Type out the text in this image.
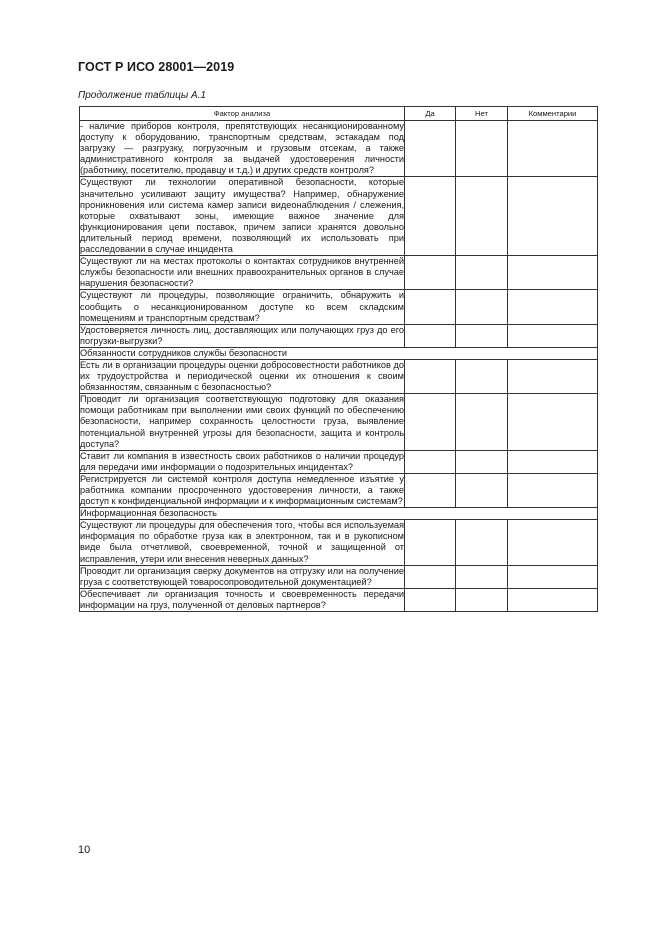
ГОСТ Р ИСО 28001—2019
Продолжение таблицы А.1
Фактор анализа	Да	Нет	Комментарии
- наличие приборов контроля, препятствующих несанкционированному доступу к оборудованию, транспортным средствам, эстакадам под загрузку — разгрузку, погрузочным и грузовым отсекам, а также административного контроля за выдачей удостоверения личности (работнику, посетителю, продавцу и т.д.) и других средств контроля?			
Существуют ли технологии оперативной безопасности, которые значительно усиливают защиту имущества? Например, обнаружение проникновения или система камер записи видеонаблюдения / слежения, которые охватывают зоны, имеющие важное значение для функционирования цепи поставок, причем записи хранятся довольно длительный период времени, позволяющий их использовать при расследовании в случае инцидента			
Существуют ли на местах протоколы о контактах сотрудников внутренней службы безопасности или внешних правоохранительных органов в случае нарушения безопасности?			
Существуют ли процедуры, позволяющие ограничить, обнаружить и сообщить о несанкционированном доступе ко всем складским помещениям и транспортным средствам?			
Удостоверяется личность лиц, доставляющих или получающих груз до его погрузки-выгрузки?			
Обязанности сотрудников службы безопасности			
Есть ли в организации процедуры оценки добросовестности работников до их трудоустройства и периодической оценки их отношения к своим обязанностям, связанным с безопасностью?			
Проводит ли организация соответствующую подготовку для оказания помощи работникам при выполнении ими своих функций по обеспечению безопасности, например сохранность целостности груза, выявление потенциальной внутренней угрозы для безопасности, защита и контроль доступа?			
Ставит ли компания в известность своих работников о наличии процедур для передачи ими информации о подозрительных инцидентах?			
Регистрируется ли системой контроля доступа немедленное изъятие у работника компании просроченного удостоверения личности, а также доступ к конфиденциальной информации и к информационным системам?			
Информационная безопасность			
Существуют ли процедуры для обеспечения того, чтобы вся используемая информация по обработке груза как в электронном, так и в рукописном виде была отчетливой, своевременной, точной и защищенной от исправления, утери или внесения неверных данных?			
Проводит ли организация сверку документов на отгрузку или на получение груза с соответствующей товаросопроводительной документацией?			
Обеспечивает ли организация точность и своевременность передачи информации на груз, полученной от деловых партнеров?			
10
